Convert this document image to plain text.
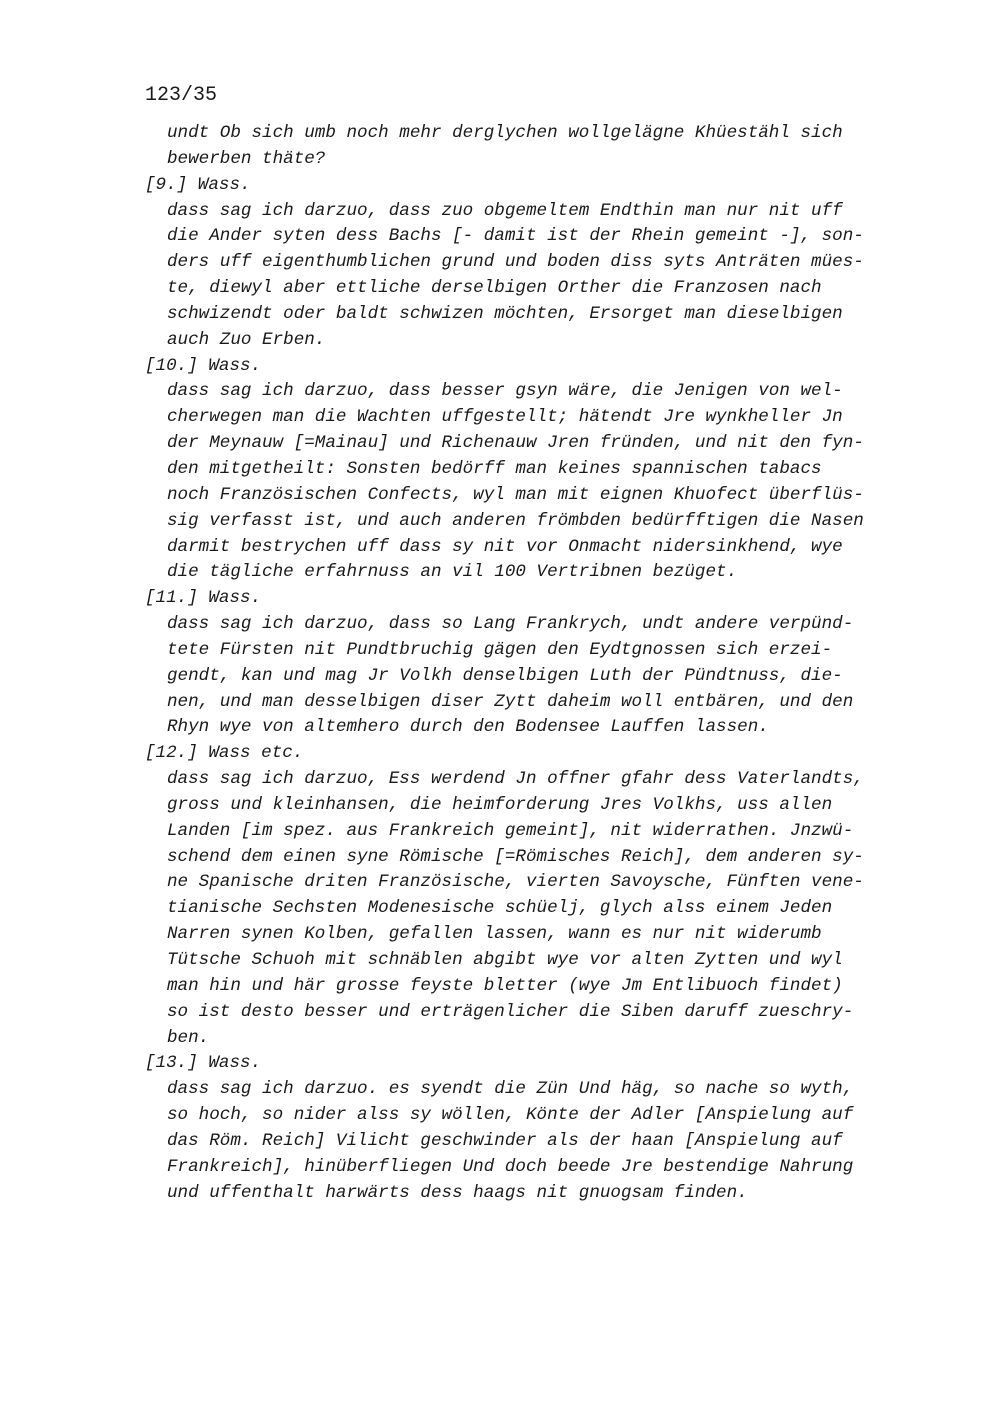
123/35

undt Ob sich umb noch mehr derglychen wollgelägne Khüestähl sich
bewerben thäte?
[9.] Wass.
dass sag ich darzuo, dass zuo obgemeltem Endthin man nur nit uff
die Ander syten dess Bachs [- damit ist der Rhein gemeint -], son-
ders uff eigenthumblichen grund und boden diss syts Anträten mües-
te, diewyl aber ettliche derselbigen Orther die Franzosen nach
schwizendt oder baldt schwizen möchten, Ersorget man dieselbigen
auch Zuo Erben.
[10.] Wass.
dass sag ich darzuo, dass besser gsyn wäre, die Jenigen von wel-
cherwegen man die Wachten uffgestellt; hätendt Jre wynkheller Jn
der Meynauw [=Mainau] und Richenauw Jren fründen, und nit den fyn-
den mitgetheilt: Sonsten bedörff man keines spannischen tabacs
noch Französischen Confects, wyl man mit eignen Khuofect überflüs-
sig verfasst ist, und auch anderen frömbden bedürfftigen die Nasen
darmit bestrychen uff dass sy nit vor Onmacht nidersinkhend, wye
die tägliche erfahrnuss an vil 100 Vertribnen bezüget.
[11.] Wass.
dass sag ich darzuo, dass so Lang Frankrych, undt andere verpünd-
tete Fürsten nit Pundtbruchig gägen den Eydtgnossen sich erzei-
gendt, kan und mag Jr Volkh denselbigen Luth der Pündtnuss, die-
nen, und man desselbigen diser Zytt daheim woll entbären, und den
Rhyn wye von altemhero durch den Bodensee Lauffen lassen.
[12.] Wass etc.
dass sag ich darzuo, Ess werdend Jn offner gfahr dess Vaterlandts,
gross und kleinhansen, die heimforderung Jres Volkhs, uss allen
Landen [im spez. aus Frankreich gemeint], nit widerrathen. Jnzwü-
schend dem einen syne Römische [=Römisches Reich], dem anderen sy-
ne Spanische driten Französische, vierten Savoysche, Fünften vene-
tianische Sechsten Modenesische schüelj, glych alss einem Jeden
Narren synen Kolben, gefallen lassen, wann es nur nit widerumb
Tütsche Schuoh mit schnäblen abgibt wye vor alten Zytten und wyl
man hin und här grosse feyste bletter (wye Jm Entlibuoch findet)
so ist desto besser und erträgenlicher die Siben daruff zueschry-
ben.
[13.] Wass.
dass sag ich darzuo. es syendt die Zün Und häg, so nache so wyth,
so hoch, so nider alss sy wöllen, Könte der Adler [Anspielung auf
das Röm. Reich] Vilicht geschwinder als der haan [Anspielung auf
Frankreich], hinüberfliegen Und doch beede Jre bestendige Nahrung
und uffenthalt harwärts dess haags nit gnuogsam finden.
